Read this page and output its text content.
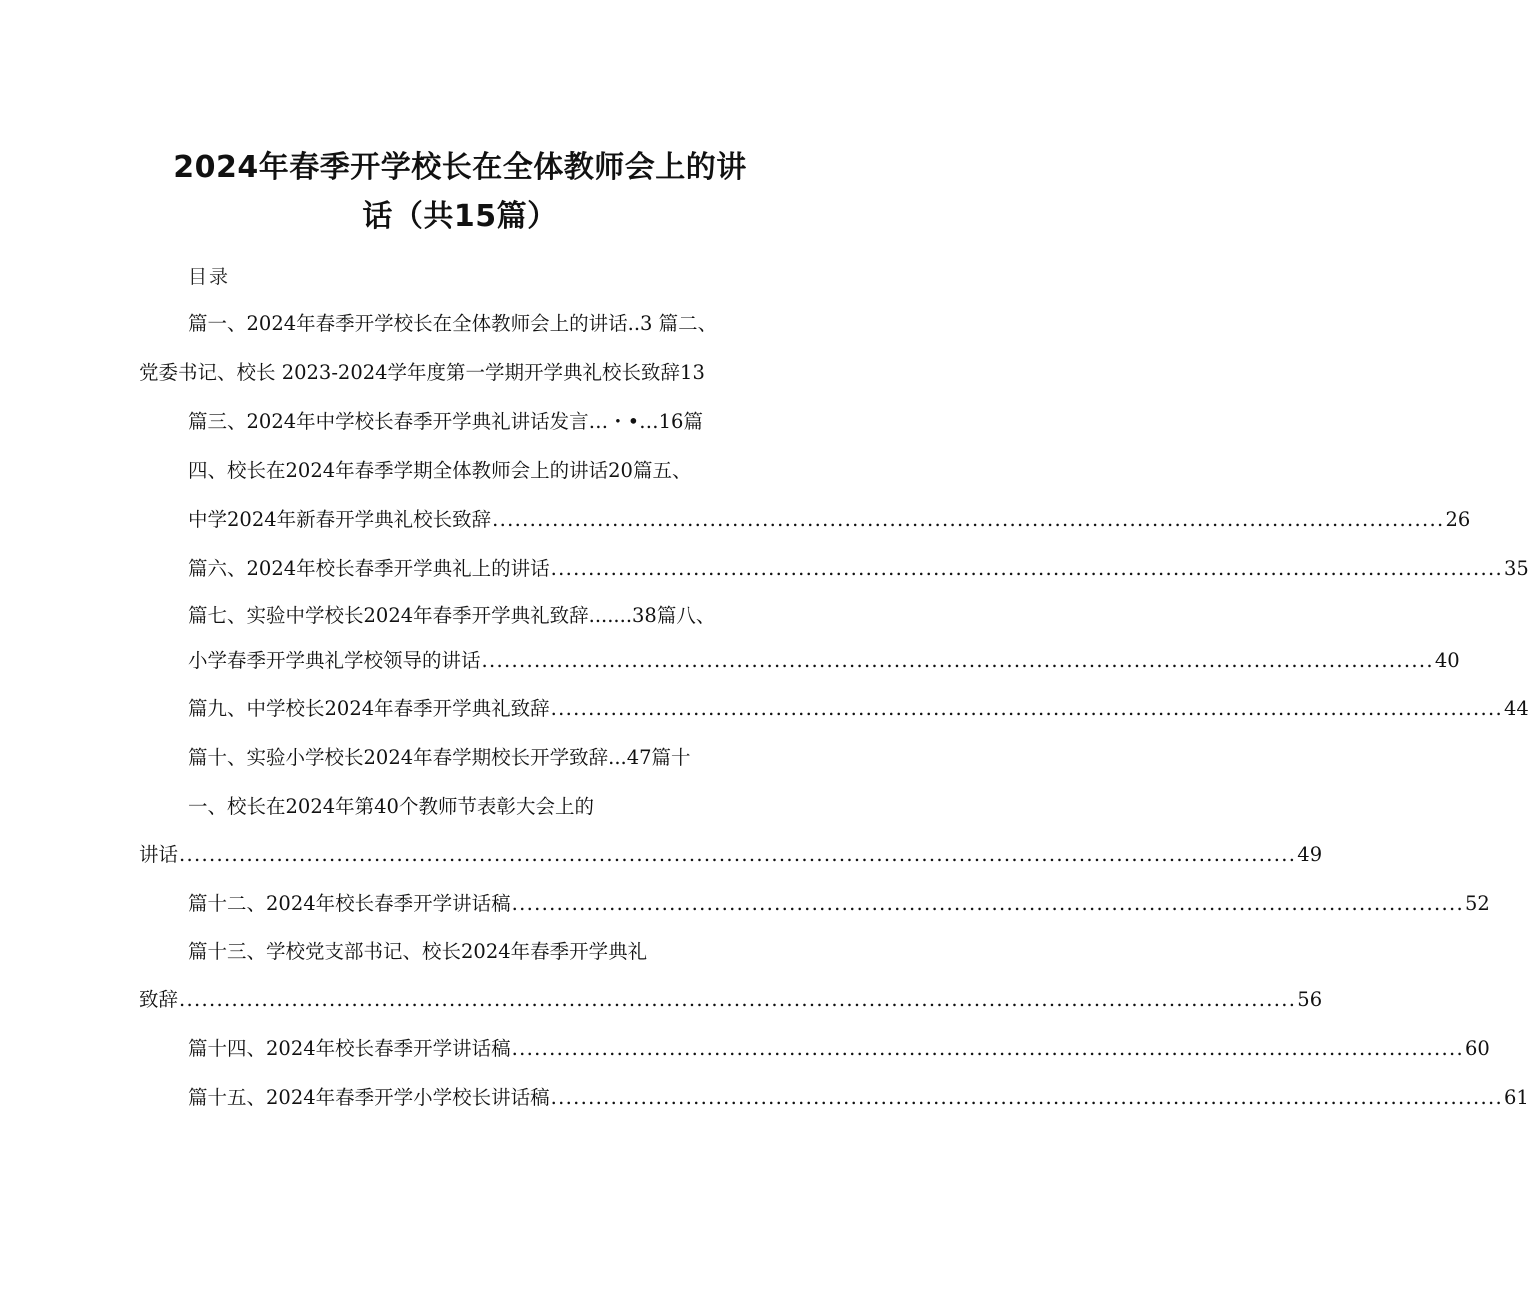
2024年春季开学校长在全体教师会上的讲
话（共15篇）
目录
篇一、2024年春季开学校长在全体教师会上的讲话..3 篇二、
党委书记、校长 2023-2024学年度第一学期开学典礼校长致辞13
篇三、2024年中学校长春季开学典礼讲话发言…・•…16篇
四、校长在2024年春季学期全体教师会上的讲话20篇五、
中学2024年新春开学典礼校长致辞 ............................................................................................................................... 26
篇六、2024年校长春季开学典礼上的讲话 ............................................................................................................................... 35
篇七、实验中学校长2024年春季开学典礼致辞.......38篇八、
小学春季开学典礼学校领导的讲话 ............................................................................................................................... 40
篇九、中学校长2024年春季开学典礼致辞 ............................................................................................................................... 44
篇十、实验小学校长2024年春学期校长开学致辞...47篇十
一、校长在2024年第40个教师节表彰大会上的
讲话 ..................................................................................................................................................... 49
篇十二、2024年校长春季开学讲话稿 ............................................................................................................................... 52
篇十三、学校党支部书记、校长2024年春季开学典礼
致辞 ..................................................................................................................................................... 56
篇十四、2024年校长春季开学讲话稿 ............................................................................................................................... 60
篇十五、2024年春季开学小学校长讲话稿 ............................................................................................................................... 61
